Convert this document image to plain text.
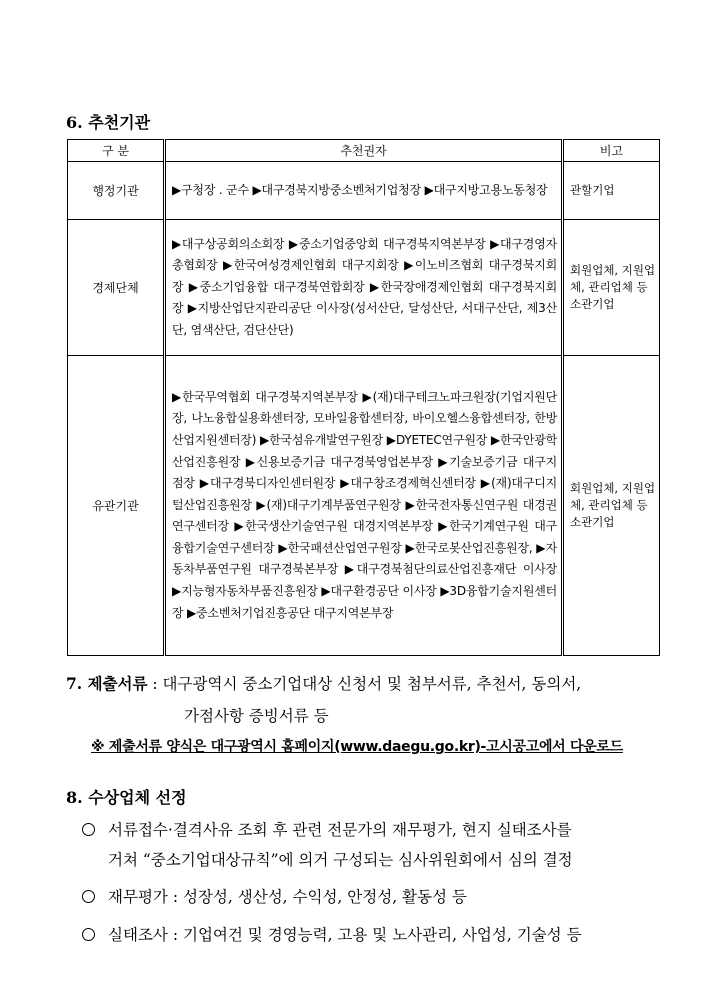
6. 추천기관
구 분	추천권자	비고
행정기관	▶구청장 . 군수 ▶대구경북지방중소벤처기업청장 ▶대구지방고용노동청장	관할기업
경제단체	▶대구상공회의소회장 ▶중소기업중앙회 대구경북지역본부장 ▶대구경영자총협회장 ▶한국여성경제인협회 대구지회장 ▶이노비즈협회 대구경북지회장 ▶중소기업융합 대구경북연합회장 ▶한국장애경제인협회 대구경북지회장 ▶지방산업단지관리공단 이사장(성서산단, 달성산단, 서대구산단, 제3산단, 염색산단, 검단산단)	회원업체, 지원업체, 관리업체 등 소관기업
유관기관	▶한국무역협회 대구경북지역본부장 ▶(재)대구테크노파크원장(기업지원단장, 나노융합실용화센터장, 모바일융합센터장, 바이오헬스융합센터장, 한방산업지원센터장) ▶한국섬유개발연구원장 ▶DYETEC연구원장 ▶한국안광학산업진흥원장 ▶신용보증기금 대구경북영업본부장 ▶기술보증기금 대구지점장 ▶대구경북디자인센터원장 ▶대구창조경제혁신센터장 ▶(재)대구디지털산업진흥원장 ▶(재)대구기계부품연구원장 ▶한국전자통신연구원 대경권연구센터장 ▶한국생산기술연구원 대경지역본부장 ▶한국기계연구원 대구융합기술연구센터장 ▶한국패션산업연구원장 ▶한국로봇산업진흥원장, ▶자동차부품연구원 대구경북본부장 ▶대구경북첨단의료산업진흥재단 이사장 ▶지능형자동차부품진흥원장 ▶대구환경공단 이사장 ▶3D융합기술지원센터장 ▶중소벤처기업진흥공단 대구지역본부장	회원업체, 지원업체, 관리업체 등 소관기업
7. 제출서류 : 대구광역시 중소기업대상 신청서 및 첨부서류, 추천서, 동의서,
가점사항 증빙서류 등
※ 제출서류 양식은 대구광역시 홈페이지(www.daegu.go.kr)-고시공고에서 다운로드
8. 수상업체 선정
서류접수·결격사유 조회 후 관련 전문가의 재무평가, 현지 실태조사를
거쳐 “중소기업대상규칙”에 의거 구성되는 심사위원회에서 심의 결정
재무평가 : 성장성, 생산성, 수익성, 안정성, 활동성 등
실태조사 : 기업여건 및 경영능력, 고용 및 노사관리, 사업성, 기술성 등
